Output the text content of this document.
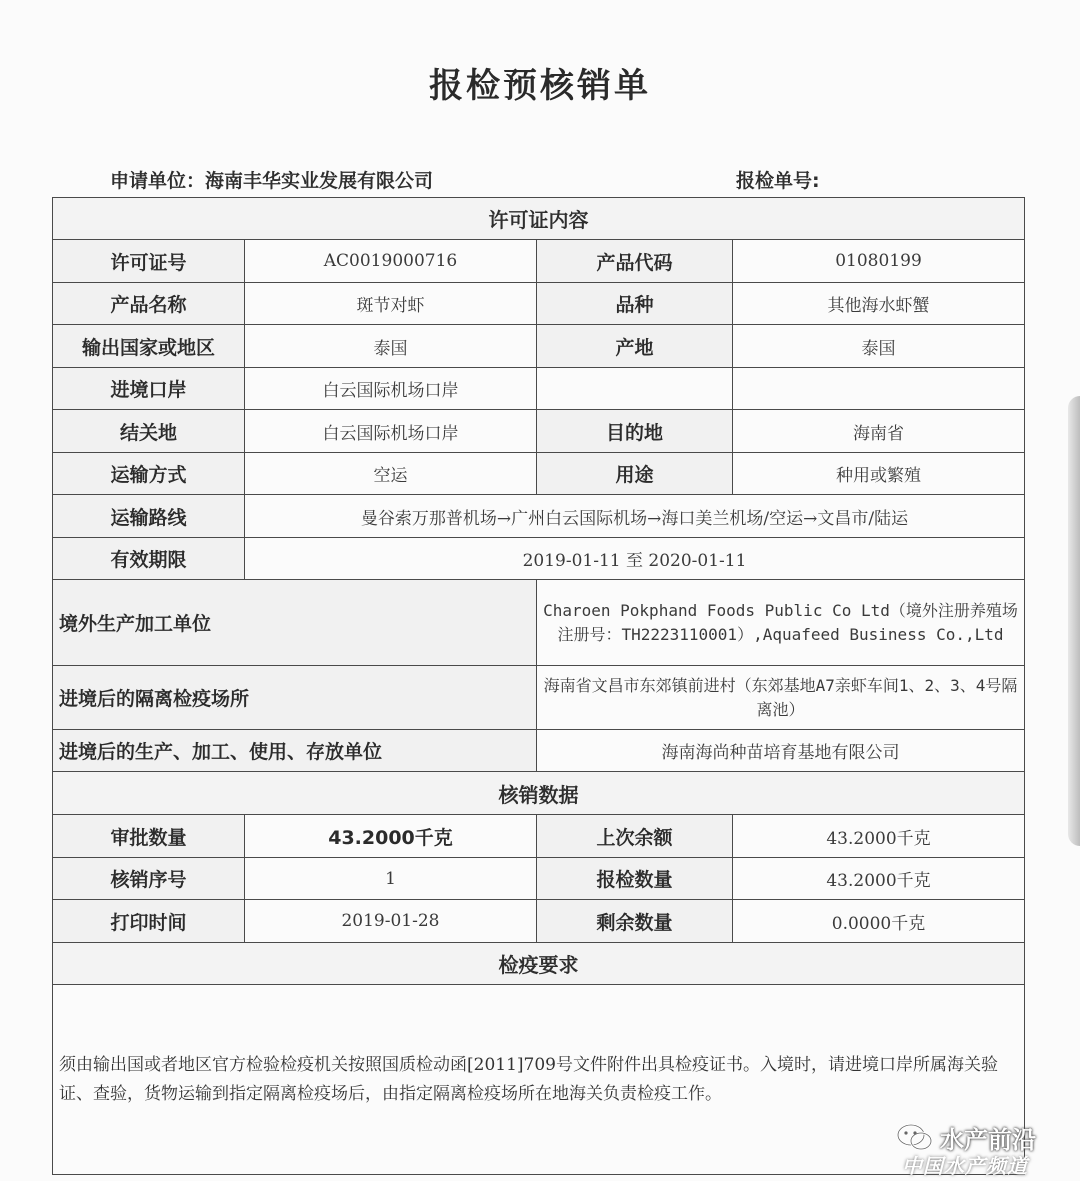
报检预核销单
申请单位：海南丰华实业发展有限公司	报检单号:
许可证内容			
许可证号	AC0019000716	产品代码	01080199
产品名称	斑节对虾	品种	其他海水虾蟹
输出国家或地区	泰国	产地	泰国
进境口岸	白云国际机场口岸		
结关地	白云国际机场口岸	目的地	海南省
运输方式	空运	用途	种用或繁殖
运输路线	曼谷索万那普机场→广州白云国际机场→海口美兰机场/空运→文昌市/陆运		
有效期限	2019-01-11 至 2020-01-11		
境外生产加工单位		Charoen Pokphand Foods Public Co Ltd（境外注册养殖场注册号：TH2223110001）,Aquafeed Business Co.,Ltd	
进境后的隔离检疫场所		海南省文昌市东郊镇前进村（东郊基地A7亲虾车间1、2、3、4号隔离池）	
进境后的生产、加工、使用、存放单位		海南海尚种苗培育基地有限公司	
核销数据			
审批数量	43.2000千克	上次余额	43.2000千克
核销序号	1	报检数量	43.2000千克
打印时间	2019-01-28	剩余数量	0.0000千克
检疫要求			
须由输出国或者地区官方检验检疫机关按照国质检动函[2011]709号文件附件出具检疫证书。入境时，请进境口岸所属海关验证、查验，货物运输到指定隔离检疫场后，由指定隔离检疫场所在地海关负责检疫工作。			
水产前沿
中国水产频道
